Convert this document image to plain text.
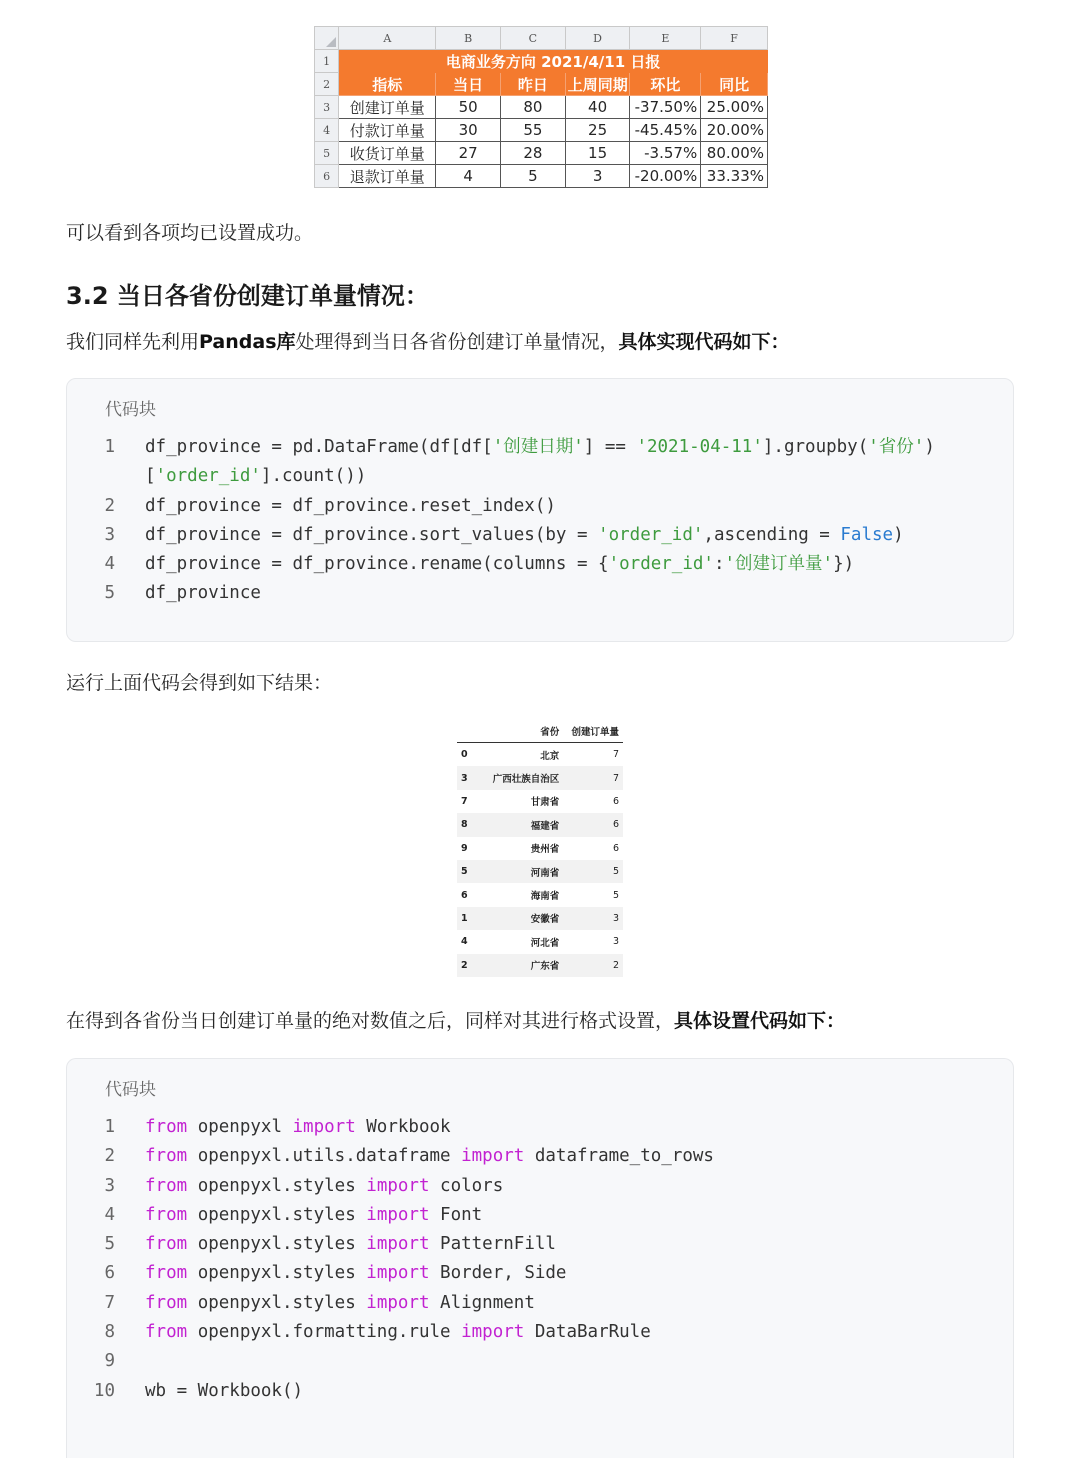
	A	B	C	D	E	F
1	电商业务方向 2021/4/11 日报					
2	指标	当日	昨日	上周同期	环比	同比
3	创建订单量	50	80	40	-37.50%	25.00%
4	付款订单量	30	55	25	-45.45%	20.00%
5	收货订单量	27	28	15	-3.57%	80.00%
6	退款订单量	4	5	3	-20.00%	33.33%
可以看到各项均已设置成功。
3.2 当日各省份创建订单量情况：
我们同样先利用Pandas库处理得到当日各省份创建订单量情况，具体实现代码如下：
代码块
1 df_province = pd.DataFrame(df[df['创建日期'] == '2021-04-11'].groupby('省份')
['order_id'].count())
2 df_province = df_province.reset_index()
3 df_province = df_province.sort_values(by = 'order_id',ascending = False)
4 df_province = df_province.rename(columns = {'order_id':'创建订单量'})
5 df_province
运行上面代码会得到如下结果：
	省份	创建订单量
0	北京	7
3	广西壮族自治区	7
7	甘肃省	6
8	福建省	6
9	贵州省	6
5	河南省	5
6	海南省	5
1	安徽省	3
4	河北省	3
2	广东省	2
在得到各省份当日创建订单量的绝对数值之后，同样对其进行格式设置，具体设置代码如下：
代码块
1 from openpyxl import Workbook
2 from openpyxl.utils.dataframe import dataframe_to_rows
3 from openpyxl.styles import colors
4 from openpyxl.styles import Font
5 from openpyxl.styles import PatternFill
6 from openpyxl.styles import Border, Side
7 from openpyxl.styles import Alignment
8 from openpyxl.formatting.rule import DataBarRule
9
10 wb = Workbook()
